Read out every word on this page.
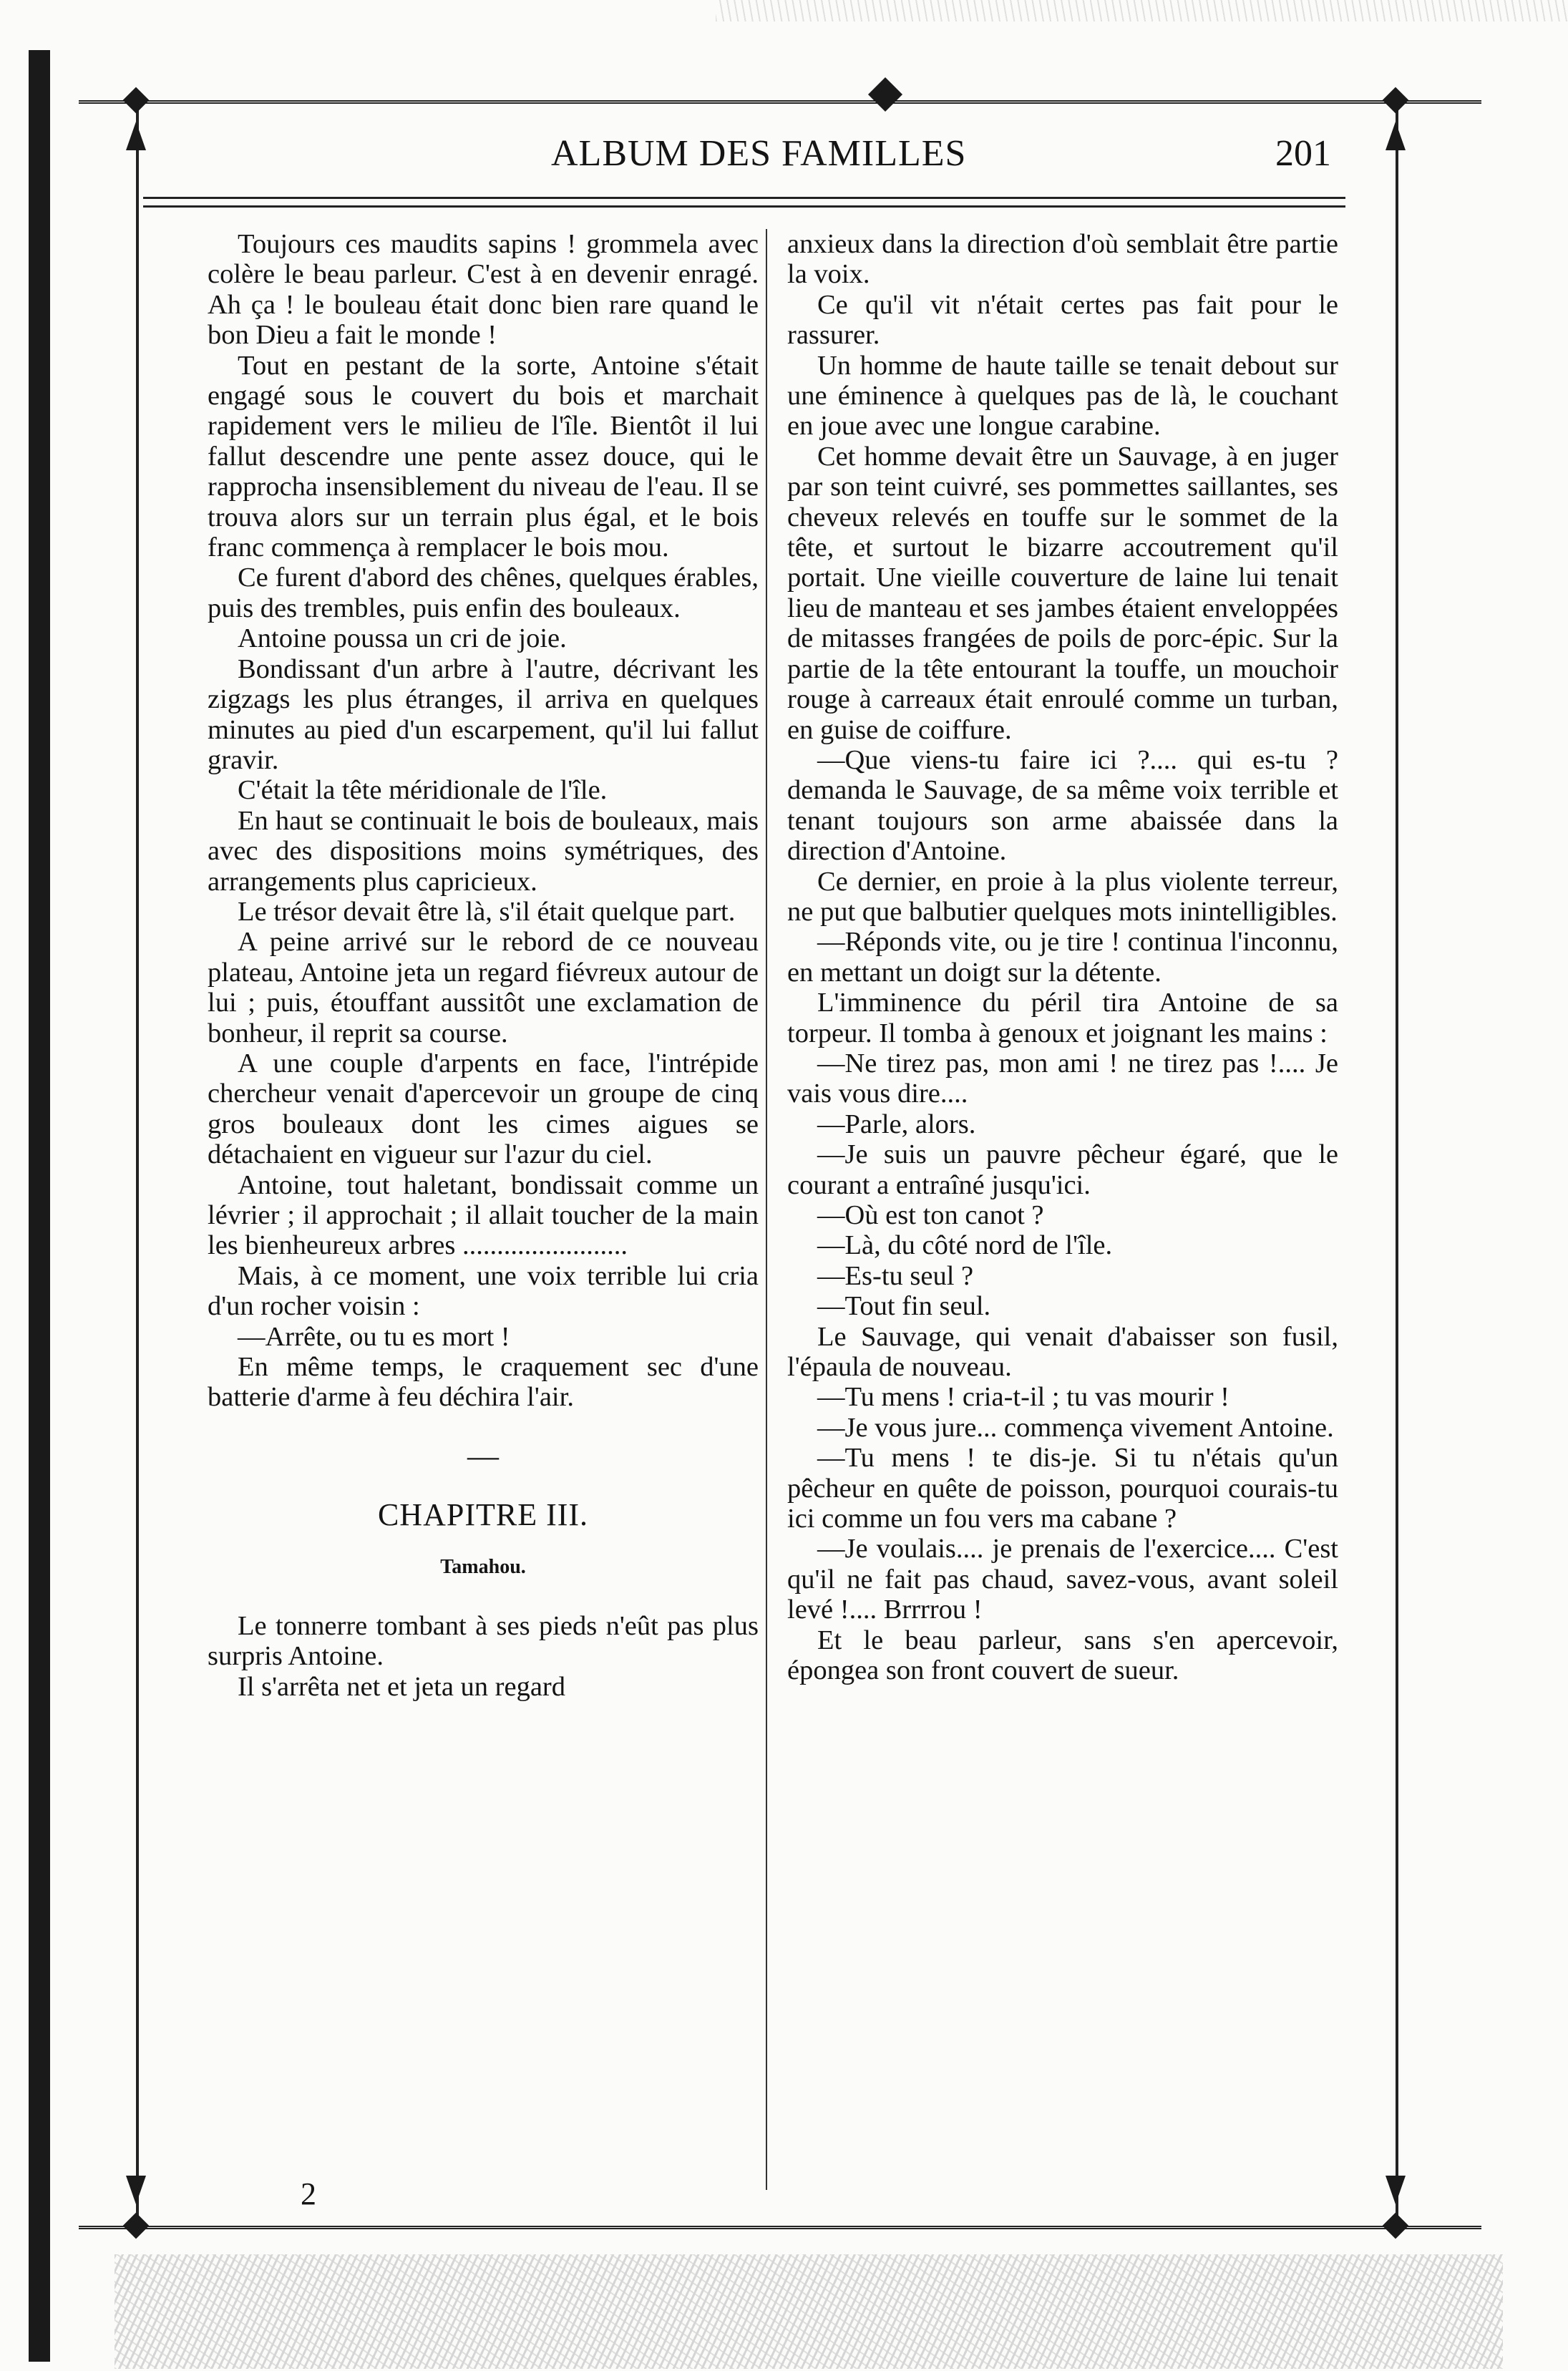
ALBUM DES FAMILLES	201

Toujours ces maudits sapins ! grommela avec colère le beau parleur. C'est à en devenir enragé. Ah ça ! le bouleau était donc bien rare quand le bon Dieu a fait le monde !

Tout en pestant de la sorte, Antoine s'était engagé sous le couvert du bois et marchait rapidement vers le milieu de l'île. Bientôt il lui fallut descendre une pente assez douce, qui le rapprocha insensiblement du niveau de l'eau. Il se trouva alors sur un terrain plus égal, et le bois franc commença à remplacer le bois mou.

Ce furent d'abord des chênes, quelques érables, puis des trembles, puis enfin des bouleaux.

Antoine poussa un cri de joie.

Bondissant d'un arbre à l'autre, décrivant les zigzags les plus étranges, il arriva en quelques minutes au pied d'un escarpement, qu'il lui fallut gravir.

C'était la tête méridionale de l'île.

En haut se continuait le bois de bouleaux, mais avec des dispositions moins symétriques, des arrangements plus capricieux.

Le trésor devait être là, s'il était quelque part.

A peine arrivé sur le rebord de ce nouveau plateau, Antoine jeta un regard fiévreux autour de lui ; puis, étouffant aussitôt une exclamation de bonheur, il reprit sa course.

A une couple d'arpents en face, l'intrépide chercheur venait d'apercevoir un groupe de cinq gros bouleaux dont les cimes aigues se détachaient en vigueur sur l'azur du ciel.

Antoine, tout haletant, bondissait comme un lévrier ; il approchait ; il allait toucher de la main les bienheureux arbres ........................

Mais, à ce moment, une voix terrible lui cria d'un rocher voisin :

—Arrête, ou tu es mort !

En même temps, le craquement sec d'une batterie d'arme à feu déchira l'air.

—
CHAPITRE III.
Tamahou.

Le tonnerre tombant à ses pieds n'eût pas plus surpris Antoine.

Il s'arrêta net et jeta un regard

2

anxieux dans la direction d'où semblait être partie la voix.

Ce qu'il vit n'était certes pas fait pour le rassurer.

Un homme de haute taille se tenait debout sur une éminence à quelques pas de là, le couchant en joue avec une longue carabine.

Cet homme devait être un Sauvage, à en juger par son teint cuivré, ses pommettes saillantes, ses cheveux relevés en touffe sur le sommet de la tête, et surtout le bizarre accoutrement qu'il portait. Une vieille couverture de laine lui tenait lieu de manteau et ses jambes étaient enveloppées de mitasses frangées de poils de porc-épic. Sur la partie de la tête entourant la touffe, un mouchoir rouge à carreaux était enroulé comme un turban, en guise de coiffure.

—Que viens-tu faire ici ?.... qui es-tu ? demanda le Sauvage, de sa même voix terrible et tenant toujours son arme abaissée dans la direction d'Antoine.

Ce dernier, en proie à la plus violente terreur, ne put que balbutier quelques mots inintelligibles.

—Réponds vite, ou je tire ! continua l'inconnu, en mettant un doigt sur la détente.

L'imminence du péril tira Antoine de sa torpeur. Il tomba à genoux et joignant les mains :

—Ne tirez pas, mon ami ! ne tirez pas !.... Je vais vous dire....

—Parle, alors.

—Je suis un pauvre pêcheur égaré, que le courant a entraîné jusqu'ici.

—Où est ton canot ?

—Là, du côté nord de l'île.

—Es-tu seul ?

—Tout fin seul.

Le Sauvage, qui venait d'abaisser son fusil, l'épaula de nouveau.

—Tu mens ! cria-t-il ; tu vas mourir !

—Je vous jure... commença vivement Antoine.

—Tu mens ! te dis-je. Si tu n'étais qu'un pêcheur en quête de poisson, pourquoi courais-tu ici comme un fou vers ma cabane ?

—Je voulais.... je prenais de l'exercice.... C'est qu'il ne fait pas chaud, savez-vous, avant soleil levé !.... Brrrrou !

Et le beau parleur, sans s'en apercevoir, épongea son front couvert de sueur.
